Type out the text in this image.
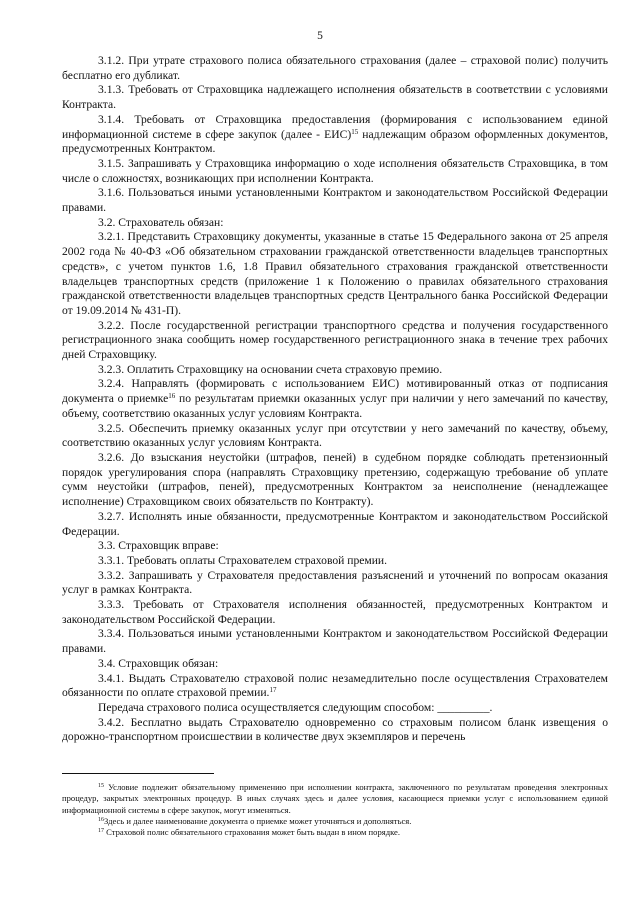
5

3.1.2. При утрате страхового полиса обязательного страхования (далее – страховой полис) получить бесплатно его дубликат.

3.1.3. Требовать от Страховщика надлежащего исполнения обязательств в соответствии с условиями Контракта.

3.1.4. Требовать от Страховщика предоставления (формирования с использованием единой информационной системе в сфере закупок (далее - ЕИС)$^{15}$ надлежащим образом оформленных документов, предусмотренных Контрактом.

3.1.5. Запрашивать у Страховщика информацию о ходе исполнения обязательств Страховщика, в том числе о сложностях, возникающих при исполнении Контракта.

3.1.6. Пользоваться иными установленными Контрактом и законодательством Российской Федерации правами.

3.2. Страхователь обязан:

3.2.1. Представить Страховщику документы, указанные в статье 15 Федерального закона от 25 апреля 2002 года № 40-ФЗ «Об обязательном страховании гражданской ответственности владельцев транспортных средств», с учетом пунктов 1.6, 1.8 Правил обязательного страхования гражданской ответственности владельцев транспортных средств (приложение 1 к Положению о правилах обязательного страхования гражданской ответственности владельцев транспортных средств Центрального банка Российской Федерации от 19.09.2014 № 431-П).

3.2.2. После государственной регистрации транспортного средства и получения государственного регистрационного знака сообщить номер государственного регистрационного знака в течение трех рабочих дней Страховщику.

3.2.3. Оплатить Страховщику на основании счета страховую премию.

3.2.4. Направлять (формировать с использованием ЕИС) мотивированный отказ от подписания документа о приемке$^{16}$ по результатам приемки оказанных услуг при наличии у него замечаний по качеству, объему, соответствию оказанных услуг условиям Контракта.

3.2.5. Обеспечить приемку оказанных услуг при отсутствии у него замечаний по качеству, объему, соответствию оказанных услуг условиям Контракта.

3.2.6. До взыскания неустойки (штрафов, пеней) в судебном порядке соблюдать претензионный порядок урегулирования спора (направлять Страховщику претензию, содержащую требование об уплате сумм неустойки (штрафов, пеней), предусмотренных Контрактом за неисполнение (ненадлежащее исполнение) Страховщиком своих обязательств по Контракту).

3.2.7. Исполнять иные обязанности, предусмотренные Контрактом и законодательством Российской Федерации.

3.3. Страховщик вправе:

3.3.1. Требовать оплаты Страхователем страховой премии.

3.3.2. Запрашивать у Страхователя предоставления разъяснений и уточнений по вопросам оказания услуг в рамках Контракта.

3.3.3. Требовать от Страхователя исполнения обязанностей, предусмотренных Контрактом и законодательством Российской Федерации.

3.3.4. Пользоваться иными установленными Контрактом и законодательством Российской Федерации правами.

3.4. Страховщик обязан:

3.4.1. Выдать Страхователю страховой полис незамедлительно после осуществления Страхователем обязанности по оплате страховой премии.$^{17}$

Передача страхового полиса осуществляется следующим способом: _________.

3.4.2. Бесплатно выдать Страхователю одновременно со страховым полисом бланк извещения о дорожно-транспортном происшествии в количестве двух экземпляров и перечень

$^{15}$ Условие подлежит обязательному применению при исполнении контракта, заключенного по результатам проведения электронных процедур, закрытых электронных процедур. В иных случаях здесь и далее условия, касающиеся приемки услуг с использованием единой информационной системы в сфере закупок, могут изменяться.

$^{16}$Здесь и далее наименование документа о приемке может уточняться и дополняться.

$^{17}$ Страховой полис обязательного страхования может быть выдан в ином порядке.
